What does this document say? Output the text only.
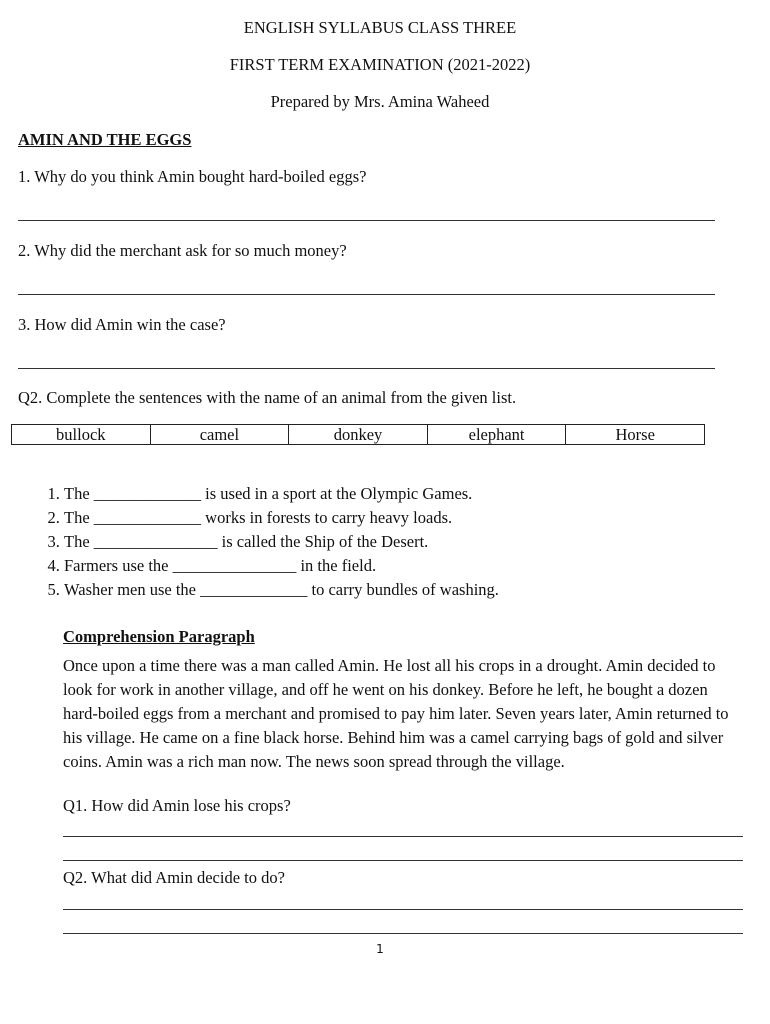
ENGLISH SYLLABUS CLASS THREE
FIRST TERM EXAMINATION (2021-2022)
Prepared by Mrs. Amina Waheed
AMIN AND THE EGGS
1. Why do you think Amin bought hard-boiled eggs?
2. Why did the merchant ask for so much money?
3. How did Amin win the case?
Q2. Complete the sentences with the name of an animal from the given list.
bullock	camel	donkey	elephant	Horse
1. The _____________ is used in a sport at the Olympic Games.
2. The _____________ works in forests to carry heavy loads.
3. The _______________ is called the Ship of the Desert.
4. Farmers use the _______________ in the field.
5. Washer men use the _____________ to carry bundles of washing.
Comprehension Paragraph
Once upon a time there was a man called Amin. He lost all his crops in a drought. Amin decided to look for work in another village, and off he went on his donkey. Before he left, he bought a dozen hard-boiled eggs from a merchant and promised to pay him later. Seven years later, Amin returned to his village. He came on a fine black horse. Behind him was a camel carrying bags of gold and silver coins. Amin was a rich man now. The news soon spread through the village.
Q1. How did Amin lose his crops?
Q2. What did Amin decide to do?
1
